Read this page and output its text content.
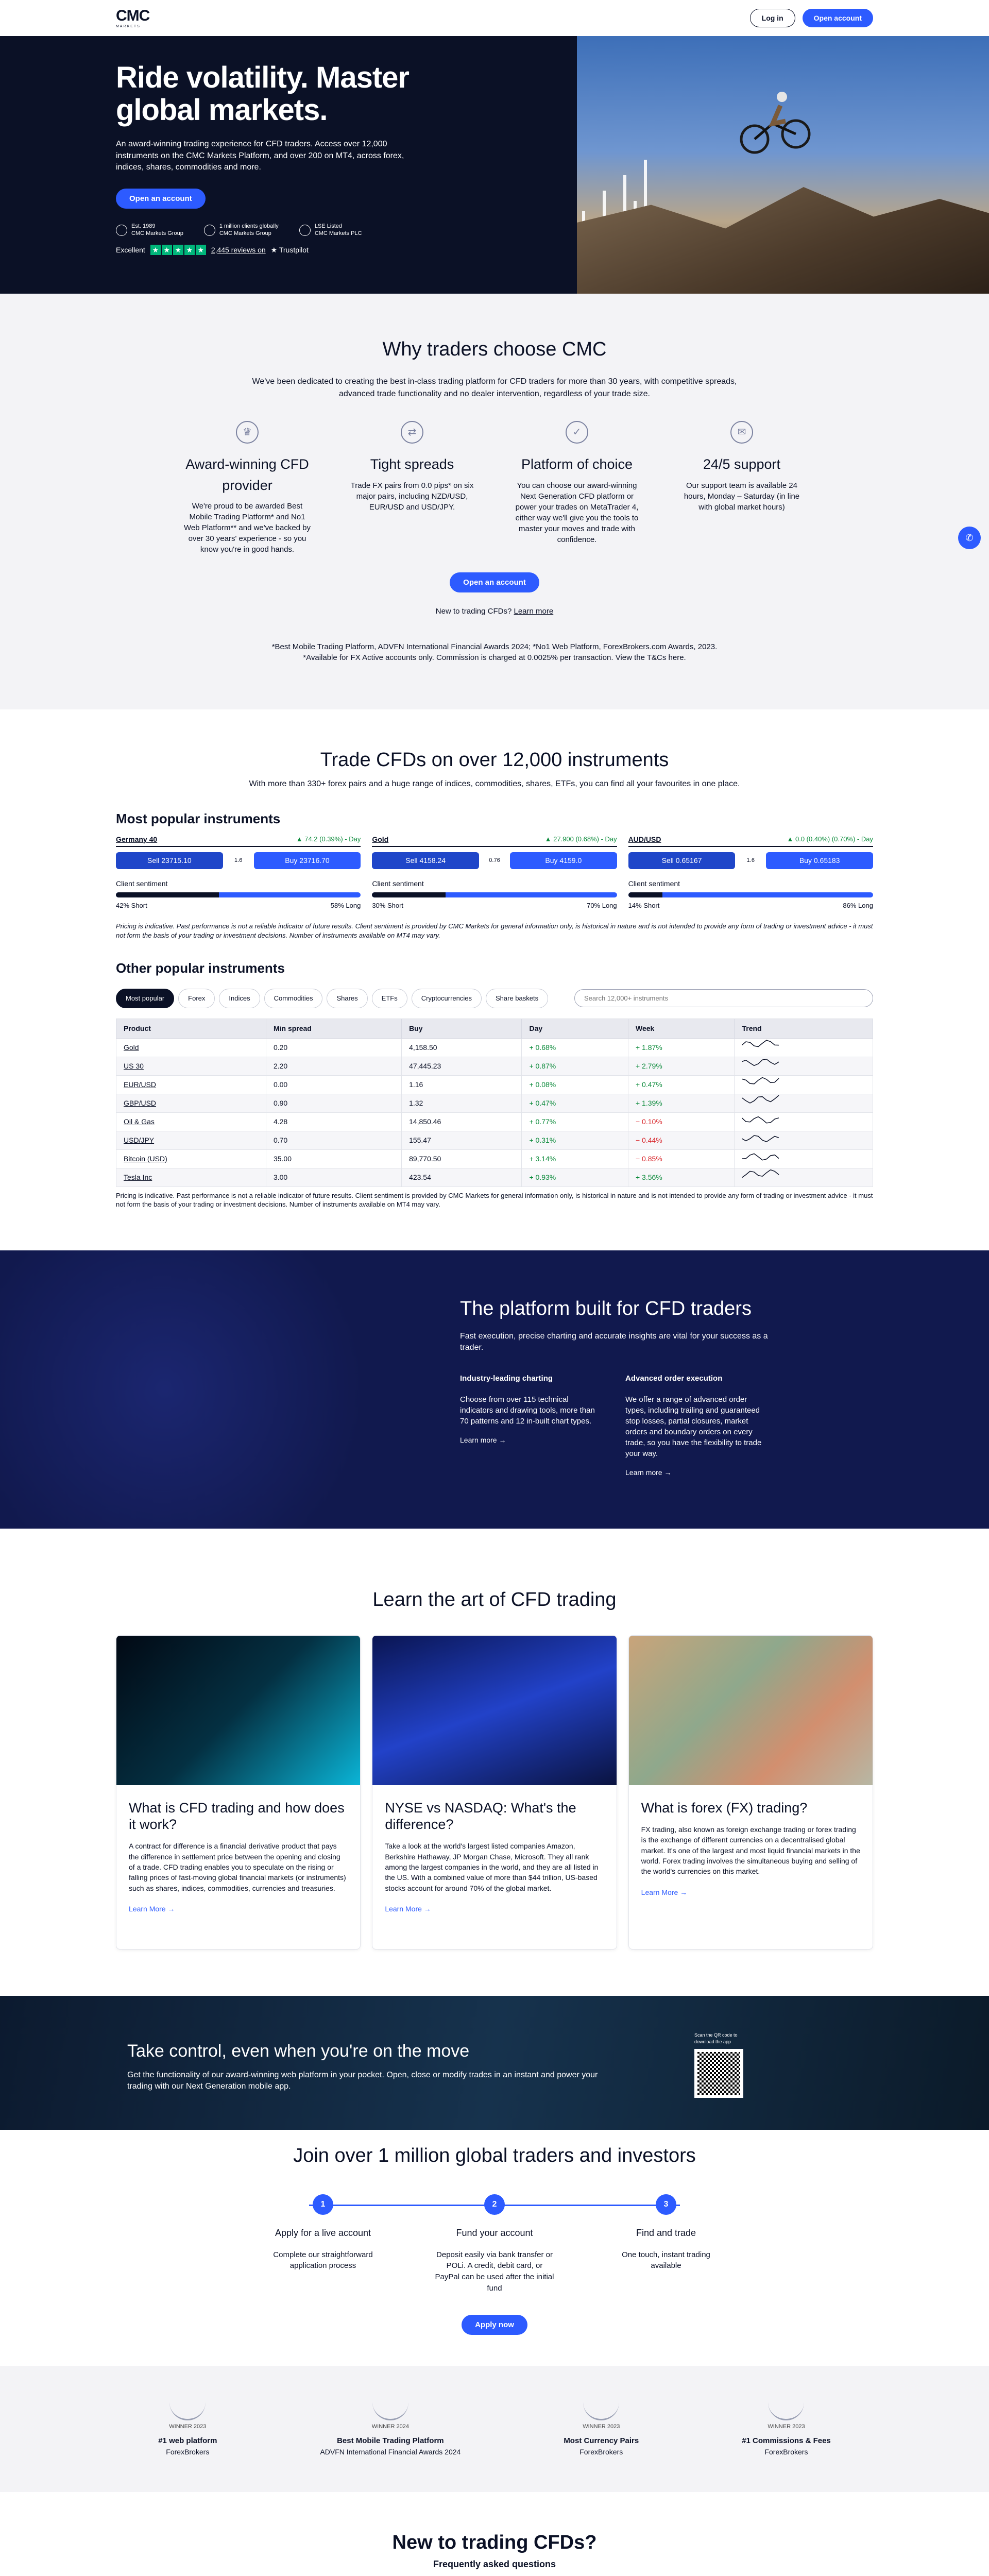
CMC
MARKETS
Log in	Open account
Ride volatility. Master global markets.

An award-winning trading experience for CFD traders. Access over 12,000 instruments on the CMC Markets Platform, and over 200 on MT4, across forex, indices, shares, commodities and more.

Open an account
Est. 1989
CMC Markets Group
1 million clients globally
CMC Markets Group
LSE Listed
CMC Markets PLC
Excellent ★ ★ ★ ★ ★ 2,445 reviews on ★ Trustpilot
Why traders choose CMC

We've been dedicated to creating the best in-class trading platform for CFD traders for more than 30 years, with competitive spreads, advanced trade functionality and no dealer intervention, regardless of your trade size.

♛
Award-winning CFD provider

We're proud to be awarded Best Mobile Trading Platform* and No1 Web Platform** and we've backed by over 30 years' experience - so you know you're in good hands.

⇄
Tight spreads

Trade FX pairs from 0.0 pips* on six major pairs, including NZD/USD, EUR/USD and USD/JPY.

✓
Platform of choice

You can choose our award-winning Next Generation CFD platform or power your trades on MetaTrader 4, either way we'll give you the tools to master your moves and trade with confidence.

✉
24/5 support

Our support team is available 24 hours, Monday – Saturday (in line with global market hours)

Open an account
New to trading CFDs? Learn more
*Best Mobile Trading Platform, ADVFN International Financial Awards 2024; *No1 Web Platform, ForexBrokers.com Awards, 2023.
*Available for FX Active accounts only. Commission is charged at 0.0025% per transaction. View the T&Cs here.
Trade CFDs on over 12,000 instruments

With more than 330+ forex pairs and a huge range of indices, commodities, shares, ETFs, you can find all your favourites in one place.

Most popular instruments
Germany 40	▲ 74.2 (0.39%) - Day
Sell 23715.10	1.6	Buy 23716.70
Client sentiment
42% Short	58% Long
Gold	▲ 27.900 (0.68%) - Day
Sell 4158.24	0.76	Buy 4159.0
Client sentiment
30% Short	70% Long
AUD/USD	▲ 0.0 (0.40%) (0.70%) - Day
Sell 0.65167	1.6	Buy 0.65183
Client sentiment
14% Short	86% Long

Pricing is indicative. Past performance is not a reliable indicator of future results. Client sentiment is provided by CMC Markets for general information only, is historical in nature and is not intended to provide any form of trading or investment advice - it must not form the basis of your trading or investment decisions. Number of instruments available on MT4 may vary.

Other popular instruments
Most popular	Forex	Indices	Commodities	Shares	ETFs	Cryptocurrencies	Share baskets
Search 12,000+ instruments
Product	Min spread	Buy	Day	Week	Trend
Gold	0.20	4,158.50	+ 0.68%	+ 1.87%	
US 30	2.20	47,445.23	+ 0.87%	+ 2.79%	
EUR/USD	0.00	1.16	+ 0.08%	+ 0.47%	
GBP/USD	0.90	1.32	+ 0.47%	+ 1.39%	
Oil & Gas	4.28	14,850.46	+ 0.77%	− 0.10%	
USD/JPY	0.70	155.47	+ 0.31%	− 0.44%	
Bitcoin (USD)	35.00	89,770.50	+ 3.14%	− 0.85%	
Tesla Inc	3.00	423.54	+ 0.93%	+ 3.56%	

Pricing is indicative. Past performance is not a reliable indicator of future results. Client sentiment is provided by CMC Markets for general information only, is historical in nature and is not intended to provide any form of trading or investment advice - it must not form the basis of your trading or investment decisions. Number of instruments available on MT4 may vary.

The platform built for CFD traders

Fast execution, precise charting and accurate insights are vital for your success as a trader.

Industry-leading charting

Choose from over 115 technical indicators and drawing tools, more than 70 patterns and 12 in-built chart types.

Learn more →
Advanced order execution

We offer a range of advanced order types, including trailing and guaranteed stop losses, partial closures, market orders and boundary orders on every trade, so you have the flexibility to trade your way.

Learn more →
Learn the art of CFD trading
What is CFD trading and how does it work?

A contract for difference is a financial derivative product that pays the difference in settlement price between the opening and closing of a trade. CFD trading enables you to speculate on the rising or falling prices of fast-moving global financial markets (or instruments) such as shares, indices, commodities, currencies and treasuries.

Learn More →
NYSE vs NASDAQ: What's the difference?

Take a look at the world's largest listed companies Amazon, Berkshire Hathaway, JP Morgan Chase, Microsoft. They all rank among the largest companies in the world, and they are all listed in the US. With a combined value of more than $44 trillion, US-based stocks account for around 70% of the global market.

Learn More →
What is forex (FX) trading?

FX trading, also known as foreign exchange trading or forex trading is the exchange of different currencies on a decentralised global market. It's one of the largest and most liquid financial markets in the world. Forex trading involves the simultaneous buying and selling of the world's currencies on this market.

Learn More →
Take control, even when you're on the move

Get the functionality of our award-winning web platform in your pocket. Open, close or modify trades in an instant and power your trading with our Next Generation mobile app.

Scan the QR code to download the app
Join over 1 million global traders and investors
1
Apply for a live account

Complete our straightforward application process

2
Fund your account

Deposit easily via bank transfer or POLi. A credit, debit card, or PayPal can be used after the initial fund

3
Find and trade

One touch, instant trading available

Apply now
WINNER 2023
#1 web platform

ForexBrokers

WINNER 2024
Best Mobile Trading Platform

ADVFN International Financial Awards 2024

WINNER 2023
Most Currency Pairs

ForexBrokers

WINNER 2023
#1 Commissions & Fees

ForexBrokers

New to trading CFDs?
Frequently asked questions

✆
